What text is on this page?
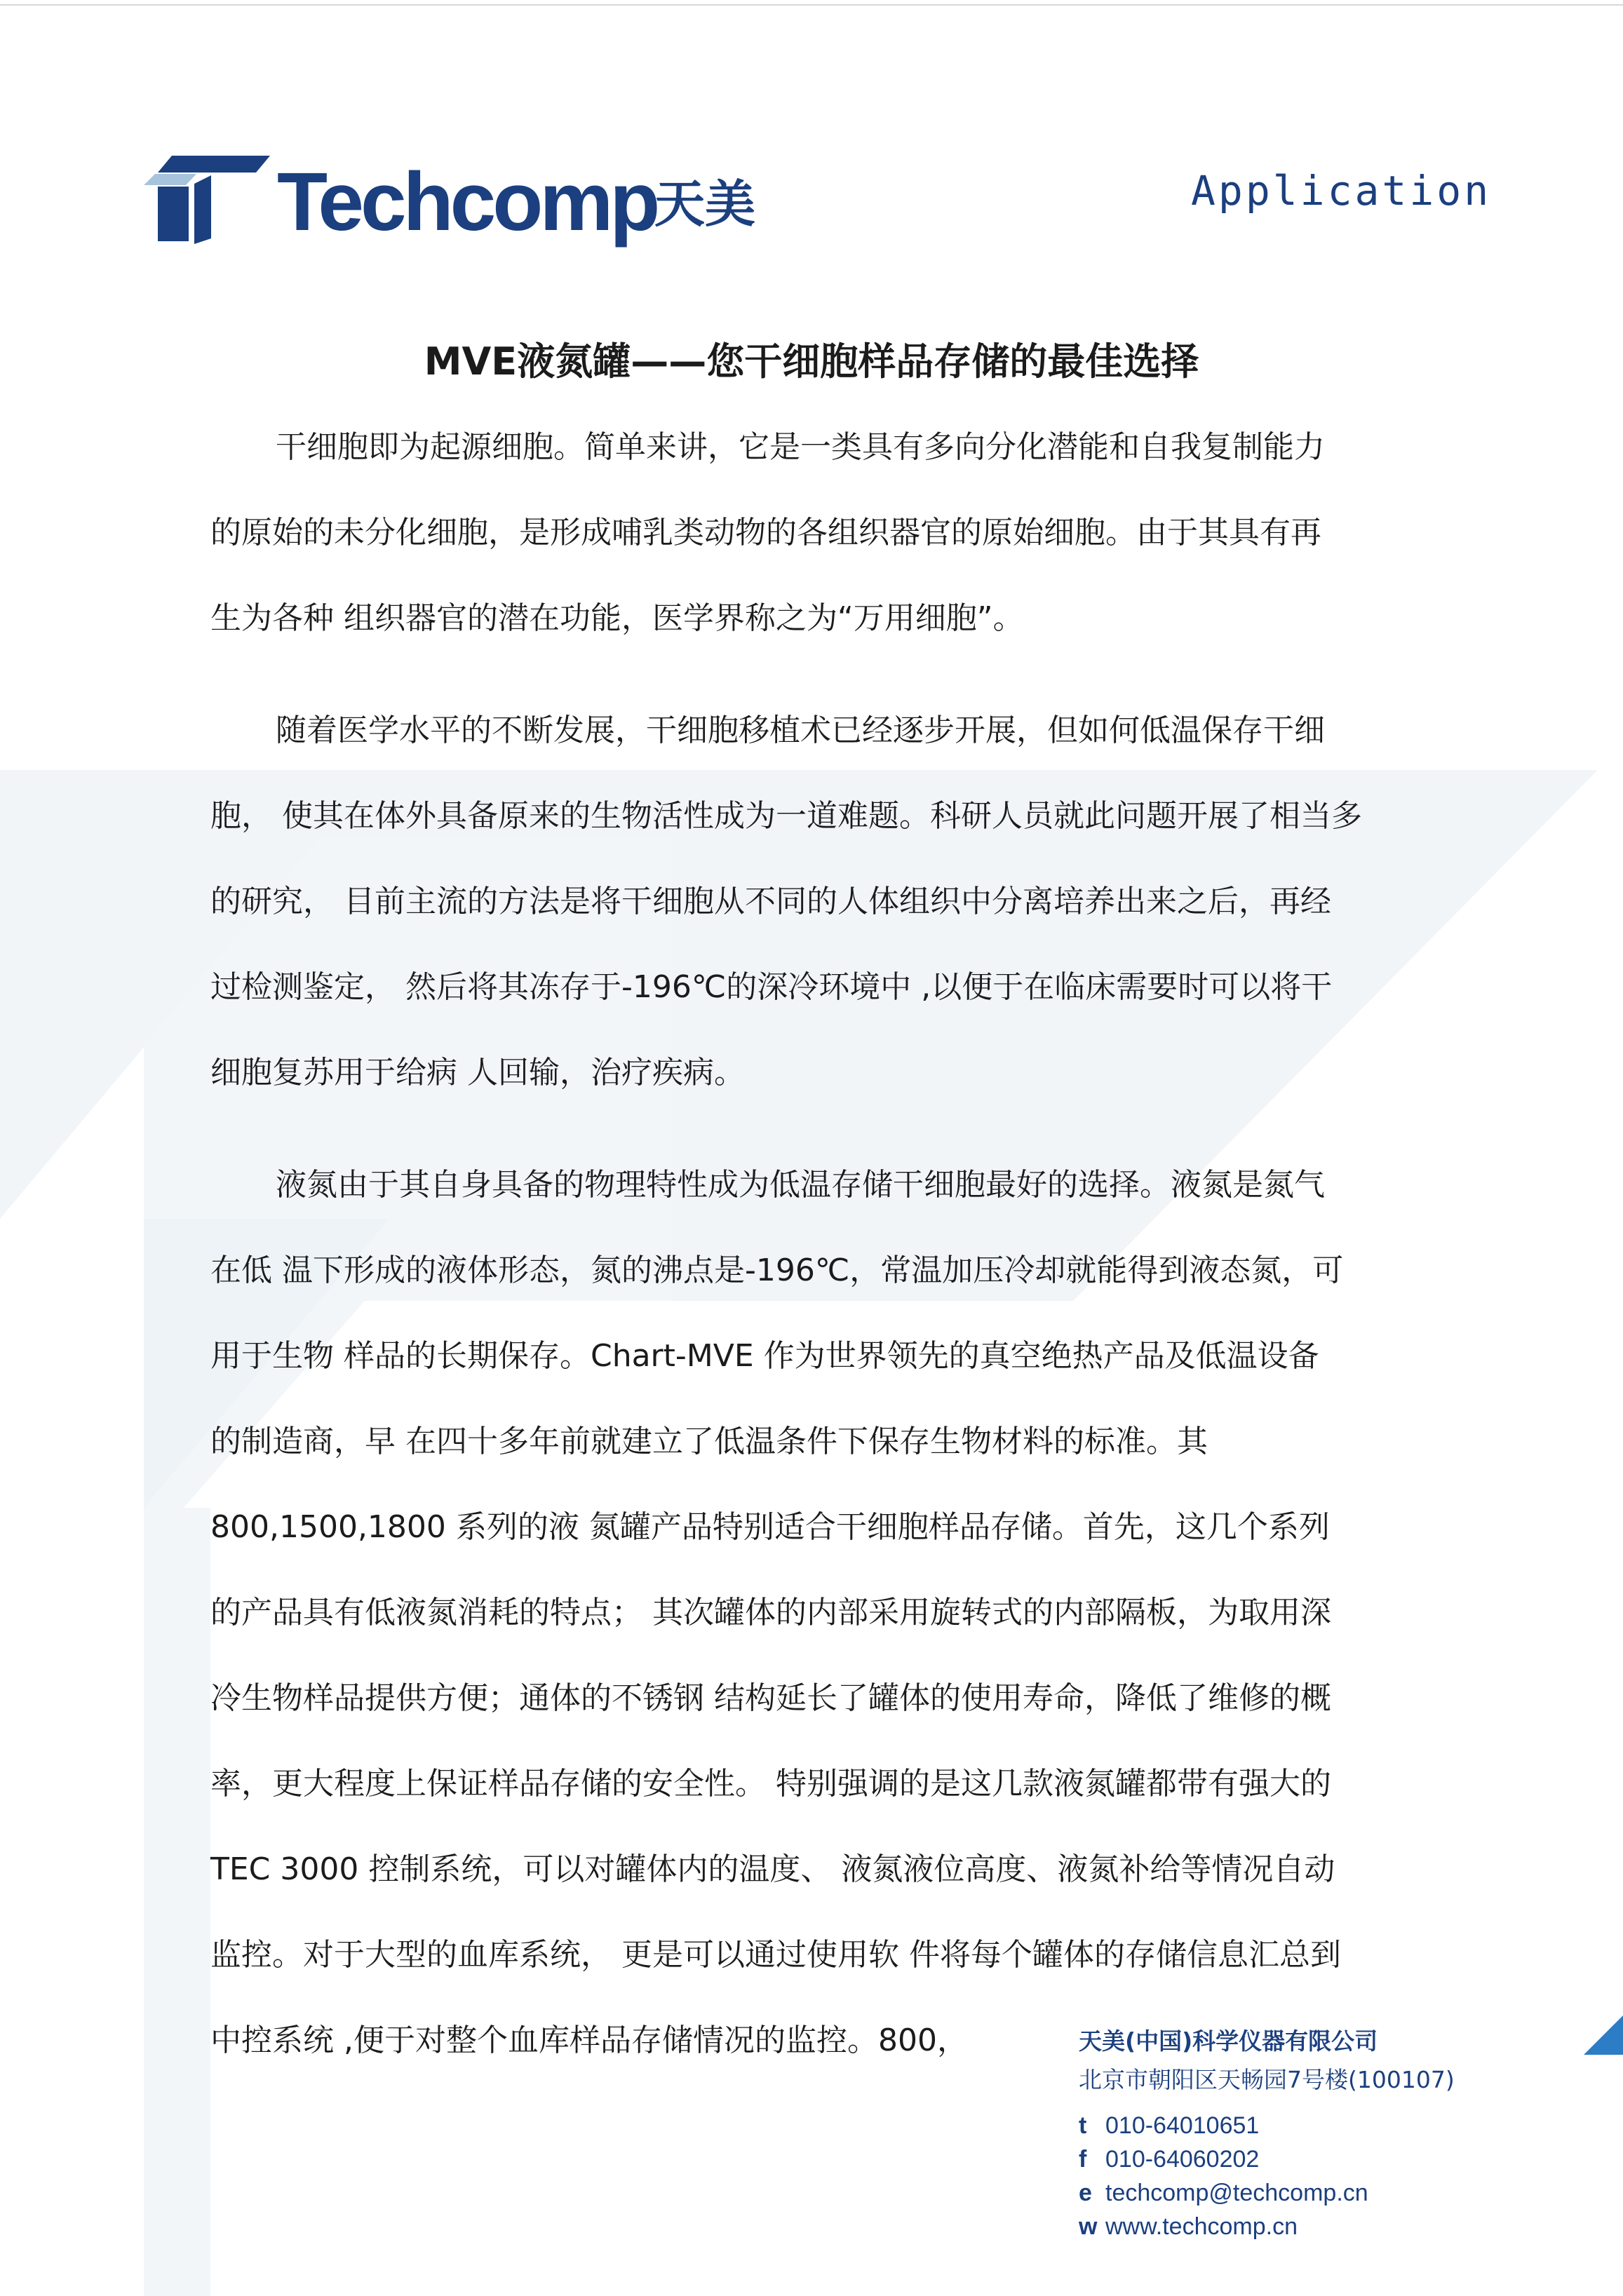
Techcomp
天美	Application
MVE液氮罐——您干细胞样品存储的最佳选择
干细胞即为起源细胞。简单来讲，它是一类具有多向分化潜能和自我复制能力
的原始的未分化细胞，是形成哺乳类动物的各组织器官的原始细胞。由于其具有再
生为各种 组织器官的潜在功能，医学界称之为“万用细胞”。
随着医学水平的不断发展，干细胞移植术已经逐步开展，但如何低温保存干细
胞， 使其在体外具备原来的生物活性成为一道难题。科研人员就此问题开展了相当多
的研究， 目前主流的方法是将干细胞从不同的人体组织中分离培养出来之后，再经
过检测鉴定， 然后将其冻存于-196℃的深冷环境中 ,以便于在临床需要时可以将干
细胞复苏用于给病 人回输，治疗疾病。
液氮由于其自身具备的物理特性成为低温存储干细胞最好的选择。液氮是氮气
在低 温下形成的液体形态，氮的沸点是-196℃，常温加压冷却就能得到液态氮，可
用于生物 样品的长期保存。Chart-MVE 作为世界领先的真空绝热产品及低温设备
的制造商，早 在四十多年前就建立了低温条件下保存生物材料的标准。其
800,1500,1800 系列的液 氮罐产品特别适合干细胞样品存储。首先，这几个系列
的产品具有低液氮消耗的特点； 其次罐体的内部采用旋转式的内部隔板，为取用深
冷生物样品提供方便；通体的不锈钢 结构延长了罐体的使用寿命，降低了维修的概
率，更大程度上保证样品存储的安全性。 特别强调的是这几款液氮罐都带有强大的
TEC 3000 控制系统，可以对罐体内的温度、 液氮液位高度、液氮补给等情况自动
监控。对于大型的血库系统， 更是可以通过使用软 件将每个罐体的存储信息汇总到
中控系统 ,便于对整个血库样品存储情况的监控。800，	天美(中国)科学仪器有限公司
北京市朝阳区天畅园7号楼(100107)
t 010-64010651
f 010-64060202
e techcomp@techcomp.cn
w www.techcomp.cn
